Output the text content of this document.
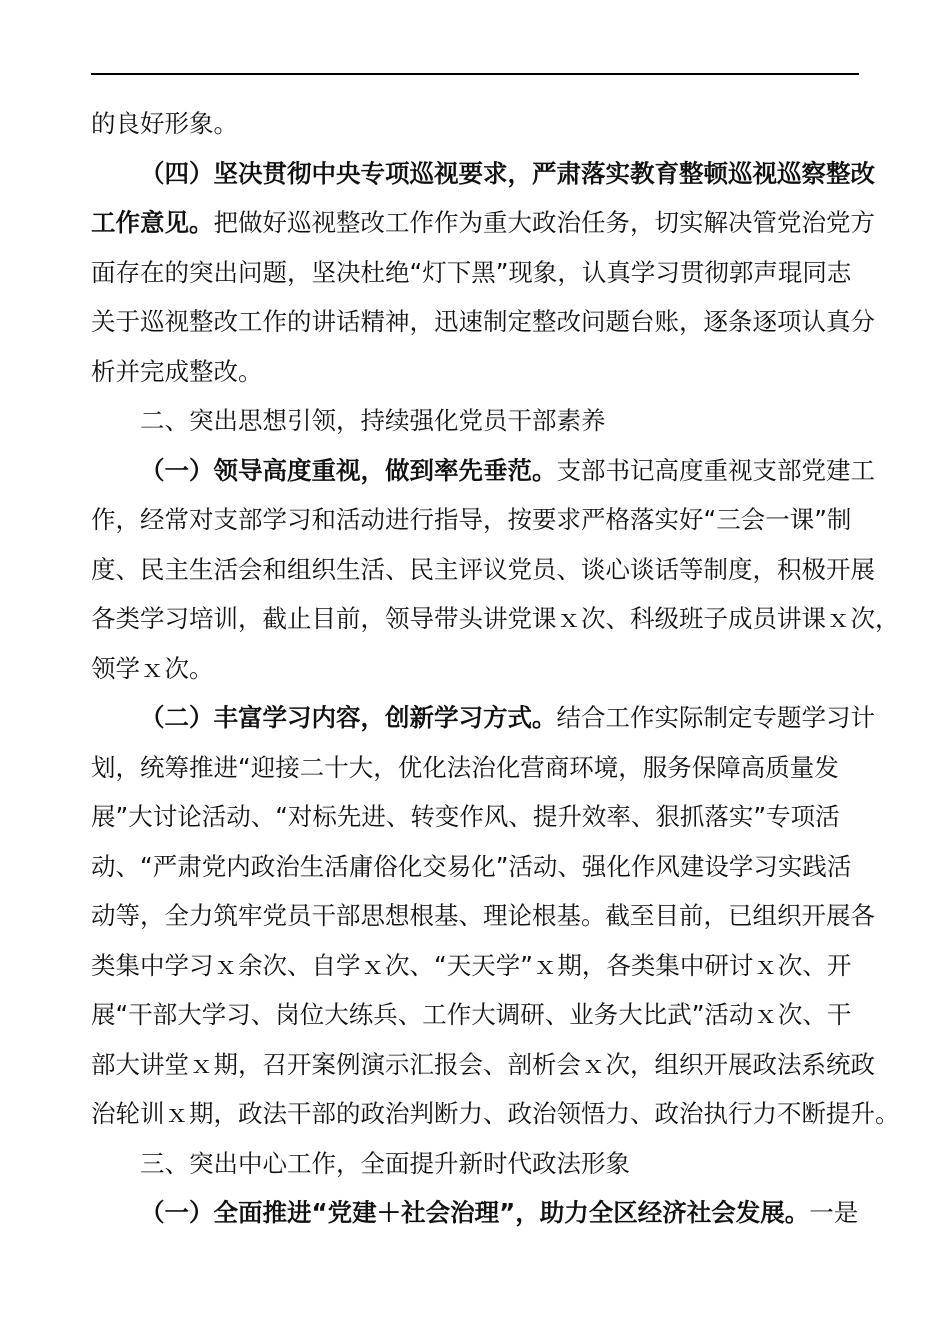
的良好形象。
（四）坚决贯彻中央专项巡视要求，严肃落实教育整顿巡视巡察整改
工作意见。把做好巡视整改工作作为重大政治任务，切实解决管党治党方
面存在的突出问题，坚决杜绝“灯下黑”现象，认真学习贯彻郭声琨同志
关于巡视整改工作的讲话精神，迅速制定整改问题台账，逐条逐项认真分
析并完成整改。
二、突出思想引领，持续强化党员干部素养
（一）领导高度重视，做到率先垂范。支部书记高度重视支部党建工
作，经常对支部学习和活动进行指导，按要求严格落实好“三会一课”制
度、民主生活会和组织生活、民主评议党员、谈心谈话等制度，积极开展
各类学习培训，截止目前，领导带头讲党课ｘ次、科级班子成员讲课ｘ次，
领学ｘ次。
（二）丰富学习内容，创新学习方式。结合工作实际制定专题学习计
划，统筹推进“迎接二十大，优化法治化营商环境，服务保障高质量发
展”大讨论活动、“对标先进、转变作风、提升效率、狠抓落实”专项活
动、“严肃党内政治生活庸俗化交易化”活动、强化作风建设学习实践活
动等，全力筑牢党员干部思想根基、理论根基。截至目前，已组织开展各
类集中学习ｘ余次、自学ｘ次、“天天学”ｘ期，各类集中研讨ｘ次、开
展“干部大学习、岗位大练兵、工作大调研、业务大比武”活动ｘ次、干
部大讲堂ｘ期，召开案例演示汇报会、剖析会ｘ次，组织开展政法系统政
治轮训ｘ期，政法干部的政治判断力、政治领悟力、政治执行力不断提升。
三、突出中心工作，全面提升新时代政法形象
（一）全面推进“党建＋社会治理”，助力全区经济社会发展。一是
